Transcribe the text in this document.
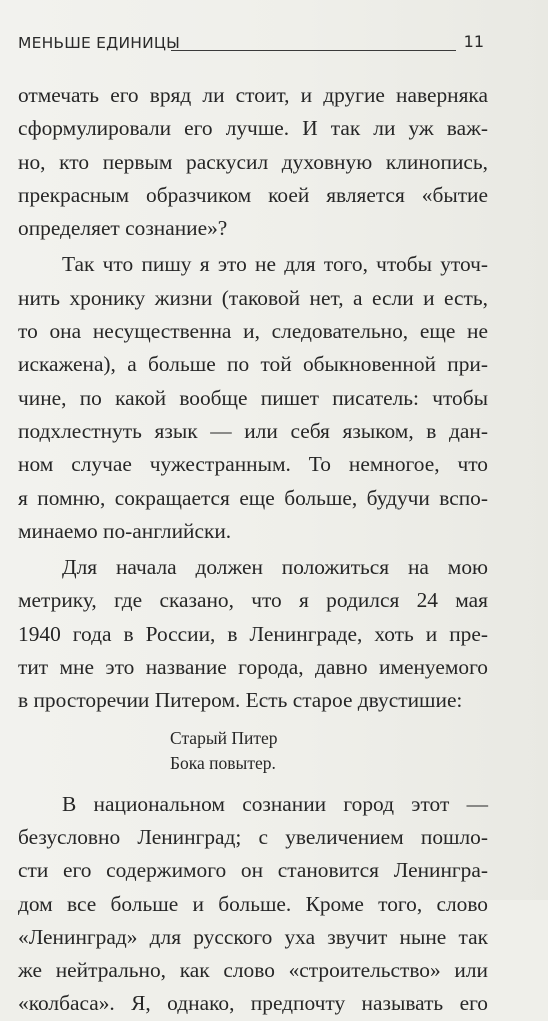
МЕНЬШЕ ЕДИНИЦЫ	11
отмечать его вряд ли стоит, и другие наверняка
сформулировали его лучше. И так ли уж важ-
но, кто первым раскусил духовную клинопись,
прекрасным образчиком коей является «бытие
определяет сознание»?
Так что пишу я это не для того, чтобы уточ-
нить хронику жизни (таковой нет, а если и есть,
то она несущественна и, следовательно, еще не
искажена), а больше по той обыкновенной при-
чине, по какой вообще пишет писатель: чтобы
подхлестнуть язык — или себя языком, в дан-
ном случае чужестранным. То немногое, что
я помню, сокращается еще больше, будучи вспо-
минаемо по-английски.
Для начала должен положиться на мою
метрику, где сказано, что я родился 24 мая
1940 года в России, в Ленинграде, хоть и пре-
тит мне это название города, давно именуемого
в просторечии Питером. Есть старое двустишие:
Старый Питер
Бока повытер.
В национальном сознании город этот —
безусловно Ленинград; с увеличением пошло-
сти его содержимого он становится Ленингра-
дом все больше и больше. Кроме того, слово
«Ленинград» для русского уха звучит ныне так
же нейтрально, как слово «строительство» или
«колбаса». Я, однако, предпочту называть его
